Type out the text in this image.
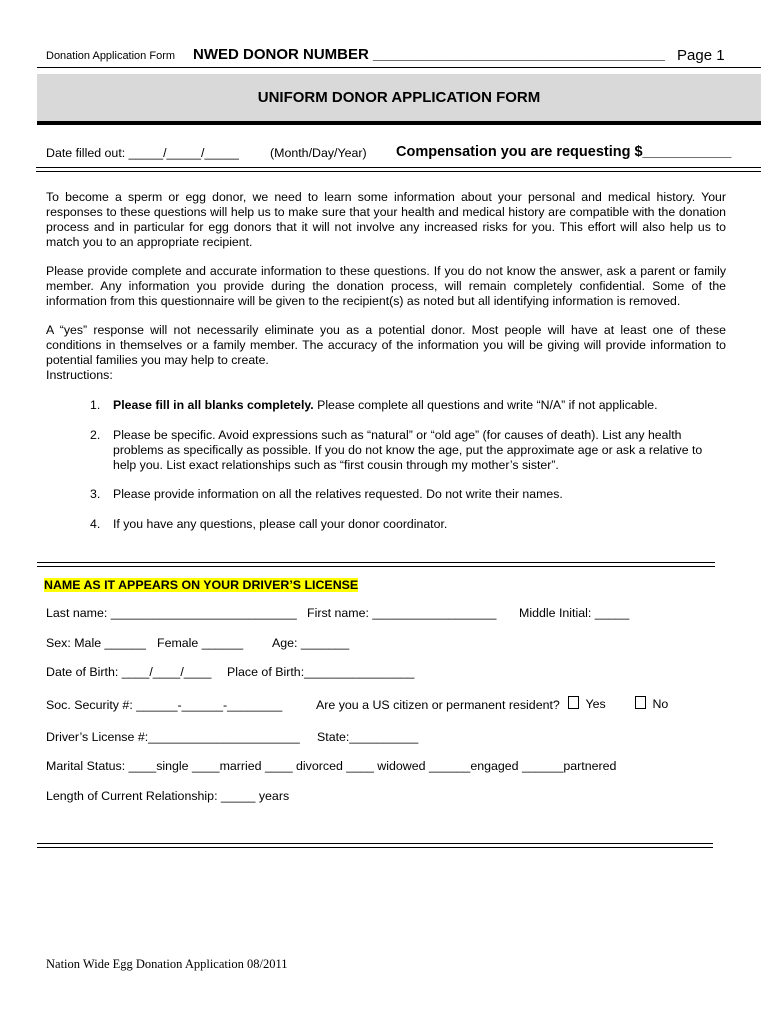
Donation Application Form NWED DONOR NUMBER ___________________________________ Page 1
UNIFORM DONOR APPLICATION FORM
Date filled out: _____/_____/_____	(Month/Day/Year) Compensation you are requesting $___________

To become a sperm or egg donor, we need to learn some information about your personal and medical history. Your responses to these questions will help us to make sure that your health and medical history are compatible with the donation process and in particular for egg donors that it will not involve any increased risks for you. This effort will also help us to match you to an appropriate recipient.

Please provide complete and accurate information to these questions. If you do not know the answer, ask a parent or family member. Any information you provide during the donation process, will remain completely confidential. Some of the information from this questionnaire will be given to the recipient(s) as noted but all identifying information is removed.

A “yes” response will not necessarily eliminate you as a potential donor. Most people will have at least one of these conditions in themselves or a family member. The accuracy of the information you will be giving will provide information to potential families you may help to create.

Instructions:
1. Please fill in all blanks completely. Please complete all questions and write “N/A” if not applicable.
2. Please be specific. Avoid expressions such as “natural” or “old age” (for causes of death). List any health problems as specifically as possible. If you do not know the age, put the approximate age or ask a relative to help you. List exact relationships such as “first cousin through my mother’s sister”.
3. Please provide information on all the relatives requested. Do not write their names.
4. If you have any questions, please call your donor coordinator.
NAME AS IT APPEARS ON YOUR DRIVER’S LICENSE
Last name: ___________________________ First name: __________________ Middle Initial: _____
Sex: Male ______ Female ______ Age: _______
Date of Birth: ____/____/____ Place of Birth:________________
Soc. Security #: ______-______-________	Are you a US citizen or permanent resident?	Yes	No
Driver’s License #:______________________ State:__________
Marital Status: ____single ____married ____ divorced ____ widowed ______engaged ______partnered
Length of Current Relationship: _____ years
Nation Wide Egg Donation Application 08/2011
